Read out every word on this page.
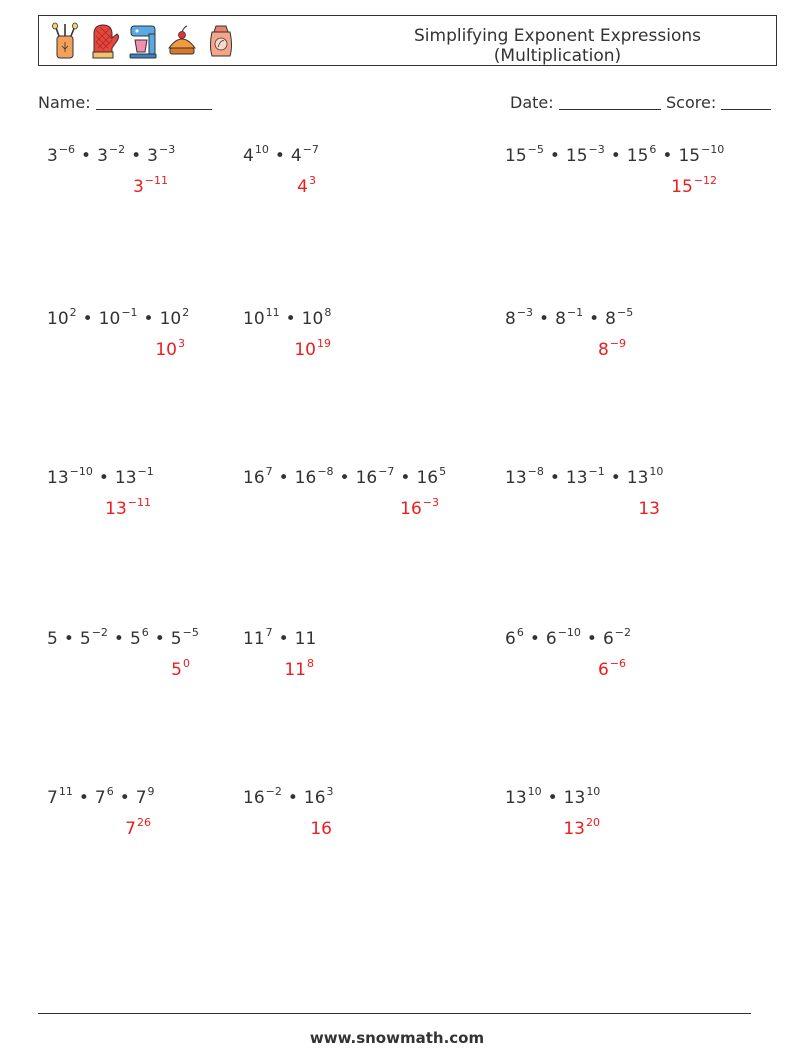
Simplifying Exponent Expressions
(Multiplication)
Name:	Date:	Score:
$3^{-6}$ • $3^{-2}$ • $3^{-3}$
$3^{-11}$
$4^{10}$ • $4^{-7}$
$4^3$
$15^{-5}$ • $15^{-3}$ • $15^6$ • $15^{-10}$
$15^{-12}$
$10^2$ • $10^{-1}$ • $10^2$
$10^3$
$10^{11}$ • $10^8$
$10^{19}$
$8^{-3}$ • $8^{-1}$ • $8^{-5}$
$8^{-9}$
$13^{-10}$ • $13^{-1}$
$13^{-11}$
$16^7$ • $16^{-8}$ • $16^{-7}$ • $16^5$
$16^{-3}$
$13^{-8}$ • $13^{-1}$ • $13^{10}$
13
5 • $5^{-2}$ • $5^6$ • $5^{-5}$
$5^0$
$11^7$ • 11
$11^8$
$6^6$ • $6^{-10}$ • $6^{-2}$
$6^{-6}$
$7^{11}$ • $7^6$ • $7^9$
$7^{26}$
$16^{-2}$ • $16^3$
16
$13^{10}$ • $13^{10}$
$13^{20}$
www.snowmath.com
